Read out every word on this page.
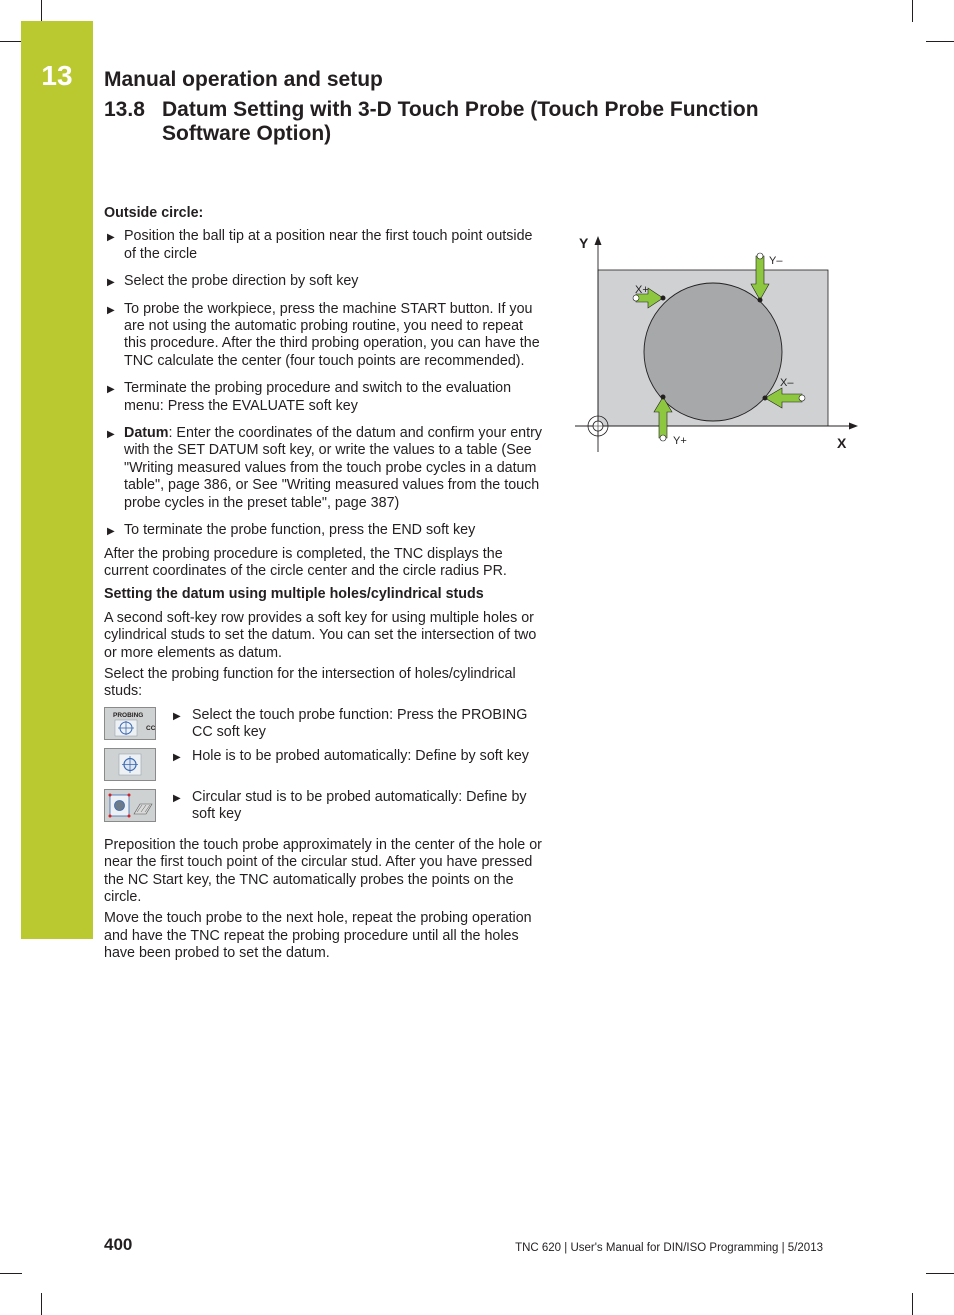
13	Manual operation and setup
13.8 Datum Setting with 3-D Touch Probe (Touch Probe Function Software Option)

Outside circle:

▶ Position the ball tip at a position near the first touch point outside of the circle
▶ Select the probe direction by soft key
▶ To probe the workpiece, press the machine START button. If you are not using the automatic probing routine, you need to repeat this procedure. After the third probing operation, you can have the TNC calculate the center (four touch points are recommended).
▶ Terminate the probing procedure and switch to the evaluation menu: Press the EVALUATE soft key
▶ Datum: Enter the coordinates of the datum and confirm your entry with the SET DATUM soft key, or write the values to a table (See "Writing measured values from the touch probe cycles in a datum table", page 386, or See "Writing measured values from the touch probe cycles in the preset table", page 387)
▶ To terminate the probe function, press the END soft key

After the probing procedure is completed, the TNC displays the current coordinates of the circle center and the circle radius PR.

Setting the datum using multiple holes/cylindrical studs

A second soft-key row provides a soft key for using multiple holes or cylindrical studs to set the datum. You can set the intersection of two or more elements as datum.

Select the probing function for the intersection of holes/cylindrical studs:

PROBING
CC
▶ Select the touch probe function: Press the PROBING CC soft key
▶ Hole is to be probed automatically: Define by soft key
▶ Circular stud is to be probed automatically: Define by soft key

Preposition the touch probe approximately in the center of the hole or near the first touch point of the circular stud. After you have pressed the NC Start key, the TNC automatically probes the points on the circle.

Move the touch probe to the next hole, repeat the probing operation and have the TNC repeat the probing procedure until all the holes have been probed to set the datum.

Y
X
Y–
X+
X–
Y+
400	TNC 620 | User's Manual for DIN/ISO Programming | 5/2013
